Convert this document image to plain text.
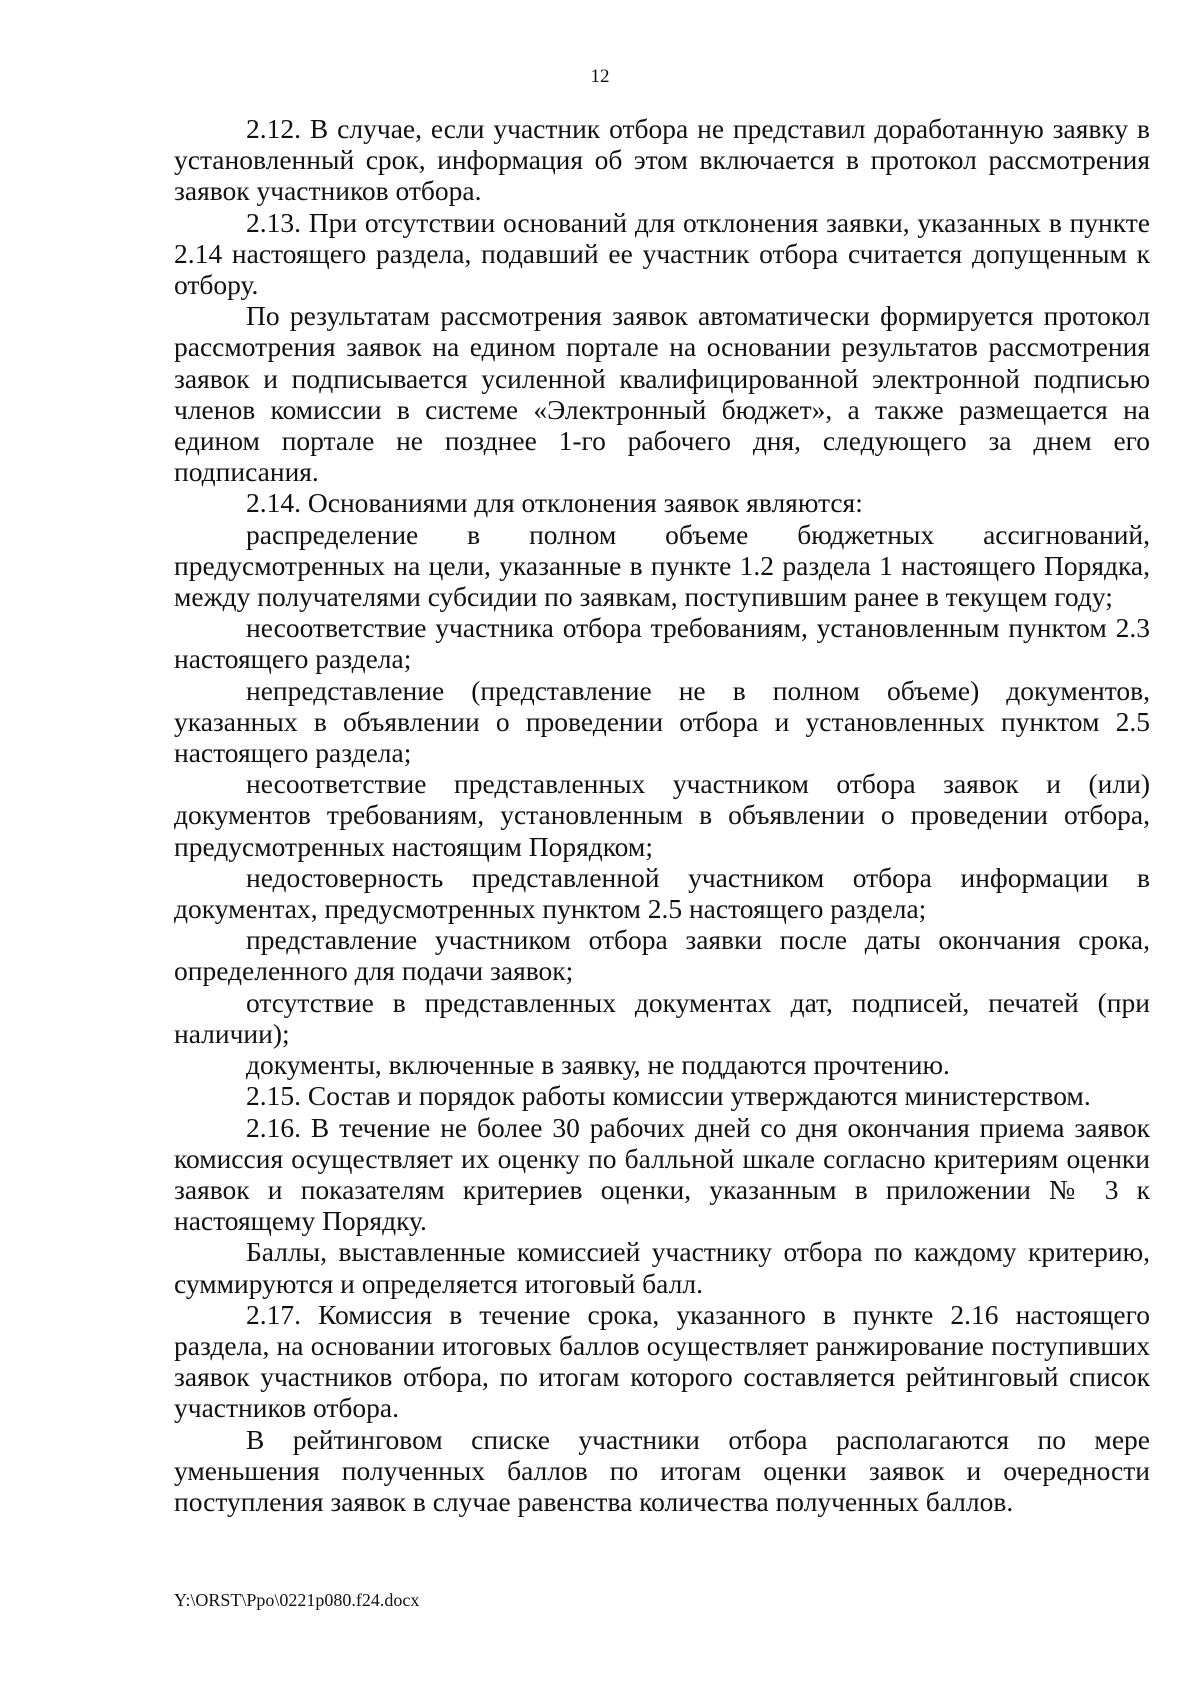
12

2.12. В случае, если участник отбора не представил доработанную заявку в установленный срок, информация об этом включается в протокол рассмотрения заявок участников отбора.

2.13. При отсутствии оснований для отклонения заявки, указанных в пункте 2.14 настоящего раздела, подавший ее участник отбора считается допущенным к отбору.

По результатам рассмотрения заявок автоматически формируется протокол рассмотрения заявок на едином портале на основании результатов рассмотрения заявок и подписывается усиленной квалифицированной электронной подписью членов комиссии в системе «Электронный бюджет», а также размещается на едином портале не позднее 1-го рабочего дня, следующего за днем его подписания.

2.14. Основаниями для отклонения заявок являются:

распределение в полном объеме бюджетных ассигнований, предусмотренных на цели, указанные в пункте 1.2 раздела 1 настоящего Порядка, между получателями субсидии по заявкам, поступившим ранее в текущем году;

несоответствие участника отбора требованиям, установленным пунктом 2.3 настоящего раздела;

непредставление (представление не в полном объеме) документов, указанных в объявлении о проведении отбора и установленных пунктом 2.5 настоящего раздела;

несоответствие представленных участником отбора заявок и (или) документов требованиям, установленным в объявлении о проведении отбора, предусмотренных настоящим Порядком;

недостоверность представленной участником отбора информации в документах, предусмотренных пунктом 2.5 настоящего раздела;

представление участником отбора заявки после даты окончания срока, определенного для подачи заявок;

отсутствие в представленных документах дат, подписей, печатей (при наличии);

документы, включенные в заявку, не поддаются прочтению.

2.15. Состав и порядок работы комиссии утверждаются министерством.

2.16. В течение не более 30 рабочих дней со дня окончания приема заявок комиссия осуществляет их оценку по балльной шкале согласно критериям оценки заявок и показателям критериев оценки, указанным в приложении № 3 к настоящему Порядку.

Баллы, выставленные комиссией участнику отбора по каждому критерию, суммируются и определяется итоговый балл.

2.17. Комиссия в течение срока, указанного в пункте 2.16 настоящего раздела, на основании итоговых баллов осуществляет ранжирование поступивших заявок участников отбора, по итогам которого составляется рейтинговый список участников отбора.

В рейтинговом списке участники отбора располагаются по мере уменьшения полученных баллов по итогам оценки заявок и очередности поступления заявок в случае равенства количества полученных баллов.

Y:\ORST\Ppo\0221p080.f24.docx
